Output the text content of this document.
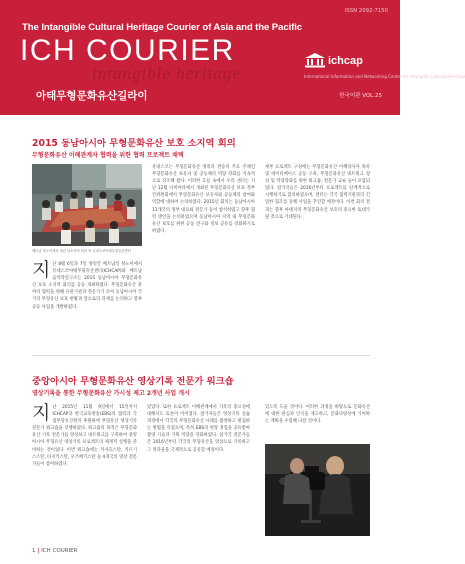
ISSN 2092-7150
The Intangible Cultural Heritage Courier of Asia and the Pacific
ICH COURIER
intangible heritage
아태무형문화유산길라이
ichcap
International Information and Networking Centre for Intangible Cultural Heritage
한국어판 VOL.25
2015 동남아시아 무형문화유산 보호 소지역 회의
무형문화유산 이해관계자 협력을 위한 협력 프로젝트 채택
베트남 하노이에서 열린 남소지역 회의 © 유네스코아태무형유산센터
지 난 8월 6일과 7일 양일간 베트남의 하노이에서 유네스코아태무형유산센터(ICHCAP)와 베트남 음악학연구소는 2015 동남아시아 무형문화유산 보호 소지역 회의를 공동 개최하였다. 무형문화유산 분야의 협력을 위해 유관기관과 전문가가 모여 동남아시아 국가의 무형유산 보호 현황과 앞으로의 과제를 논의하고 향후 공동 사업을 개발하였다.
유네스코는 무형문화유산 영역과 전승의 주요 주체인 무형문화유산 보유자 및 공동체의 역량 강화를 지속적으로 강조해 왔다. 이러한 흐름 속에서 우리 센터는 지난 12월 나비아타에서 개최된 무형문화유산 보호 정부간위원회에서 무형문화유산 보유자와 공동체의 참여와 역할에 대하여 논의하였다. 2015년 회의는 동남아시아 11개국의 정부 대표와 전문가 등이 참석하였고 향후 협력 방안을 논의하였으며 동남아시아 지역 내 무형문화유산 보호를 위한 공동 연구와 정보 공유를 강화하기로 하였다.
세부 프로젝트 구성에는 무형문화유산 이해당사자 목록 및 데이터베이스 공동 구축, 무형문화유산 네트워크 형성 및 역량강화를 위한 워크숍, 전문가 교류 등이 포함되었다. 참가국들은 2016년부터 프로젝트를 단계적으로 시행하기로 합의하였으며, 센터는 각국 협력기관과의 긴밀한 협조를 통해 사업을 추진할 예정이다. 이번 회의 결과는 향후 아태지역 무형문화유산 보호의 중요한 토대가 될 것으로 기대된다.
중앙아시아 무형문화유산 영상기록 전문가 워크숍
영상기록을 통한 무형문화유산 가시성 제고 2개년 사업 개시
지 난 2015년 11월 9일에서 15일까지 ICHCAP과 한국교육방송(EBS)의 협력과 국립무형유산원의 후원하에 무형유산 영상기록 전문가 워크숍을 진행하였다. 워크숍의 목적은 무형문화유산 기록 전문가를 양성하고 네트워크를 구축하여 중앙아시아 무형유산 영상기록 프로젝트의 체계적 실행을 준비하는 것이었다. 이번 워크숍에는 카자흐스탄, 키르기스스탄, 타지키스탄, 우즈베키스탄 등 4개국의 영상 전문가들이 참여하였다.
있었다. 또한 프로젝트 이해관계에서 기록의 중요성에 대해서도 토론이 이어졌다. 참가자들은 영상기록 실습 과정에서 각국의 무형문화유산 사례를 촬영하고 편집하는 방법을 익혔으며, 특히 EBS의 현장 경험을 공유받아 촬영 기술과 기획 역량을 강화하였다. 참가국 전문가들은 2016년부터 각국의 무형유산을 영상으로 기록하고 그 결과물을 국제적으로 공유할 예정이다.
있도록 도울 것이다. 이러한 과정을 바탕으로 문화유산에 대한 관심과 인식을 제고하고, 문화다양성에 기여하는 계획을 수립해 나갈 것이다.
1 | ICH COURIER
